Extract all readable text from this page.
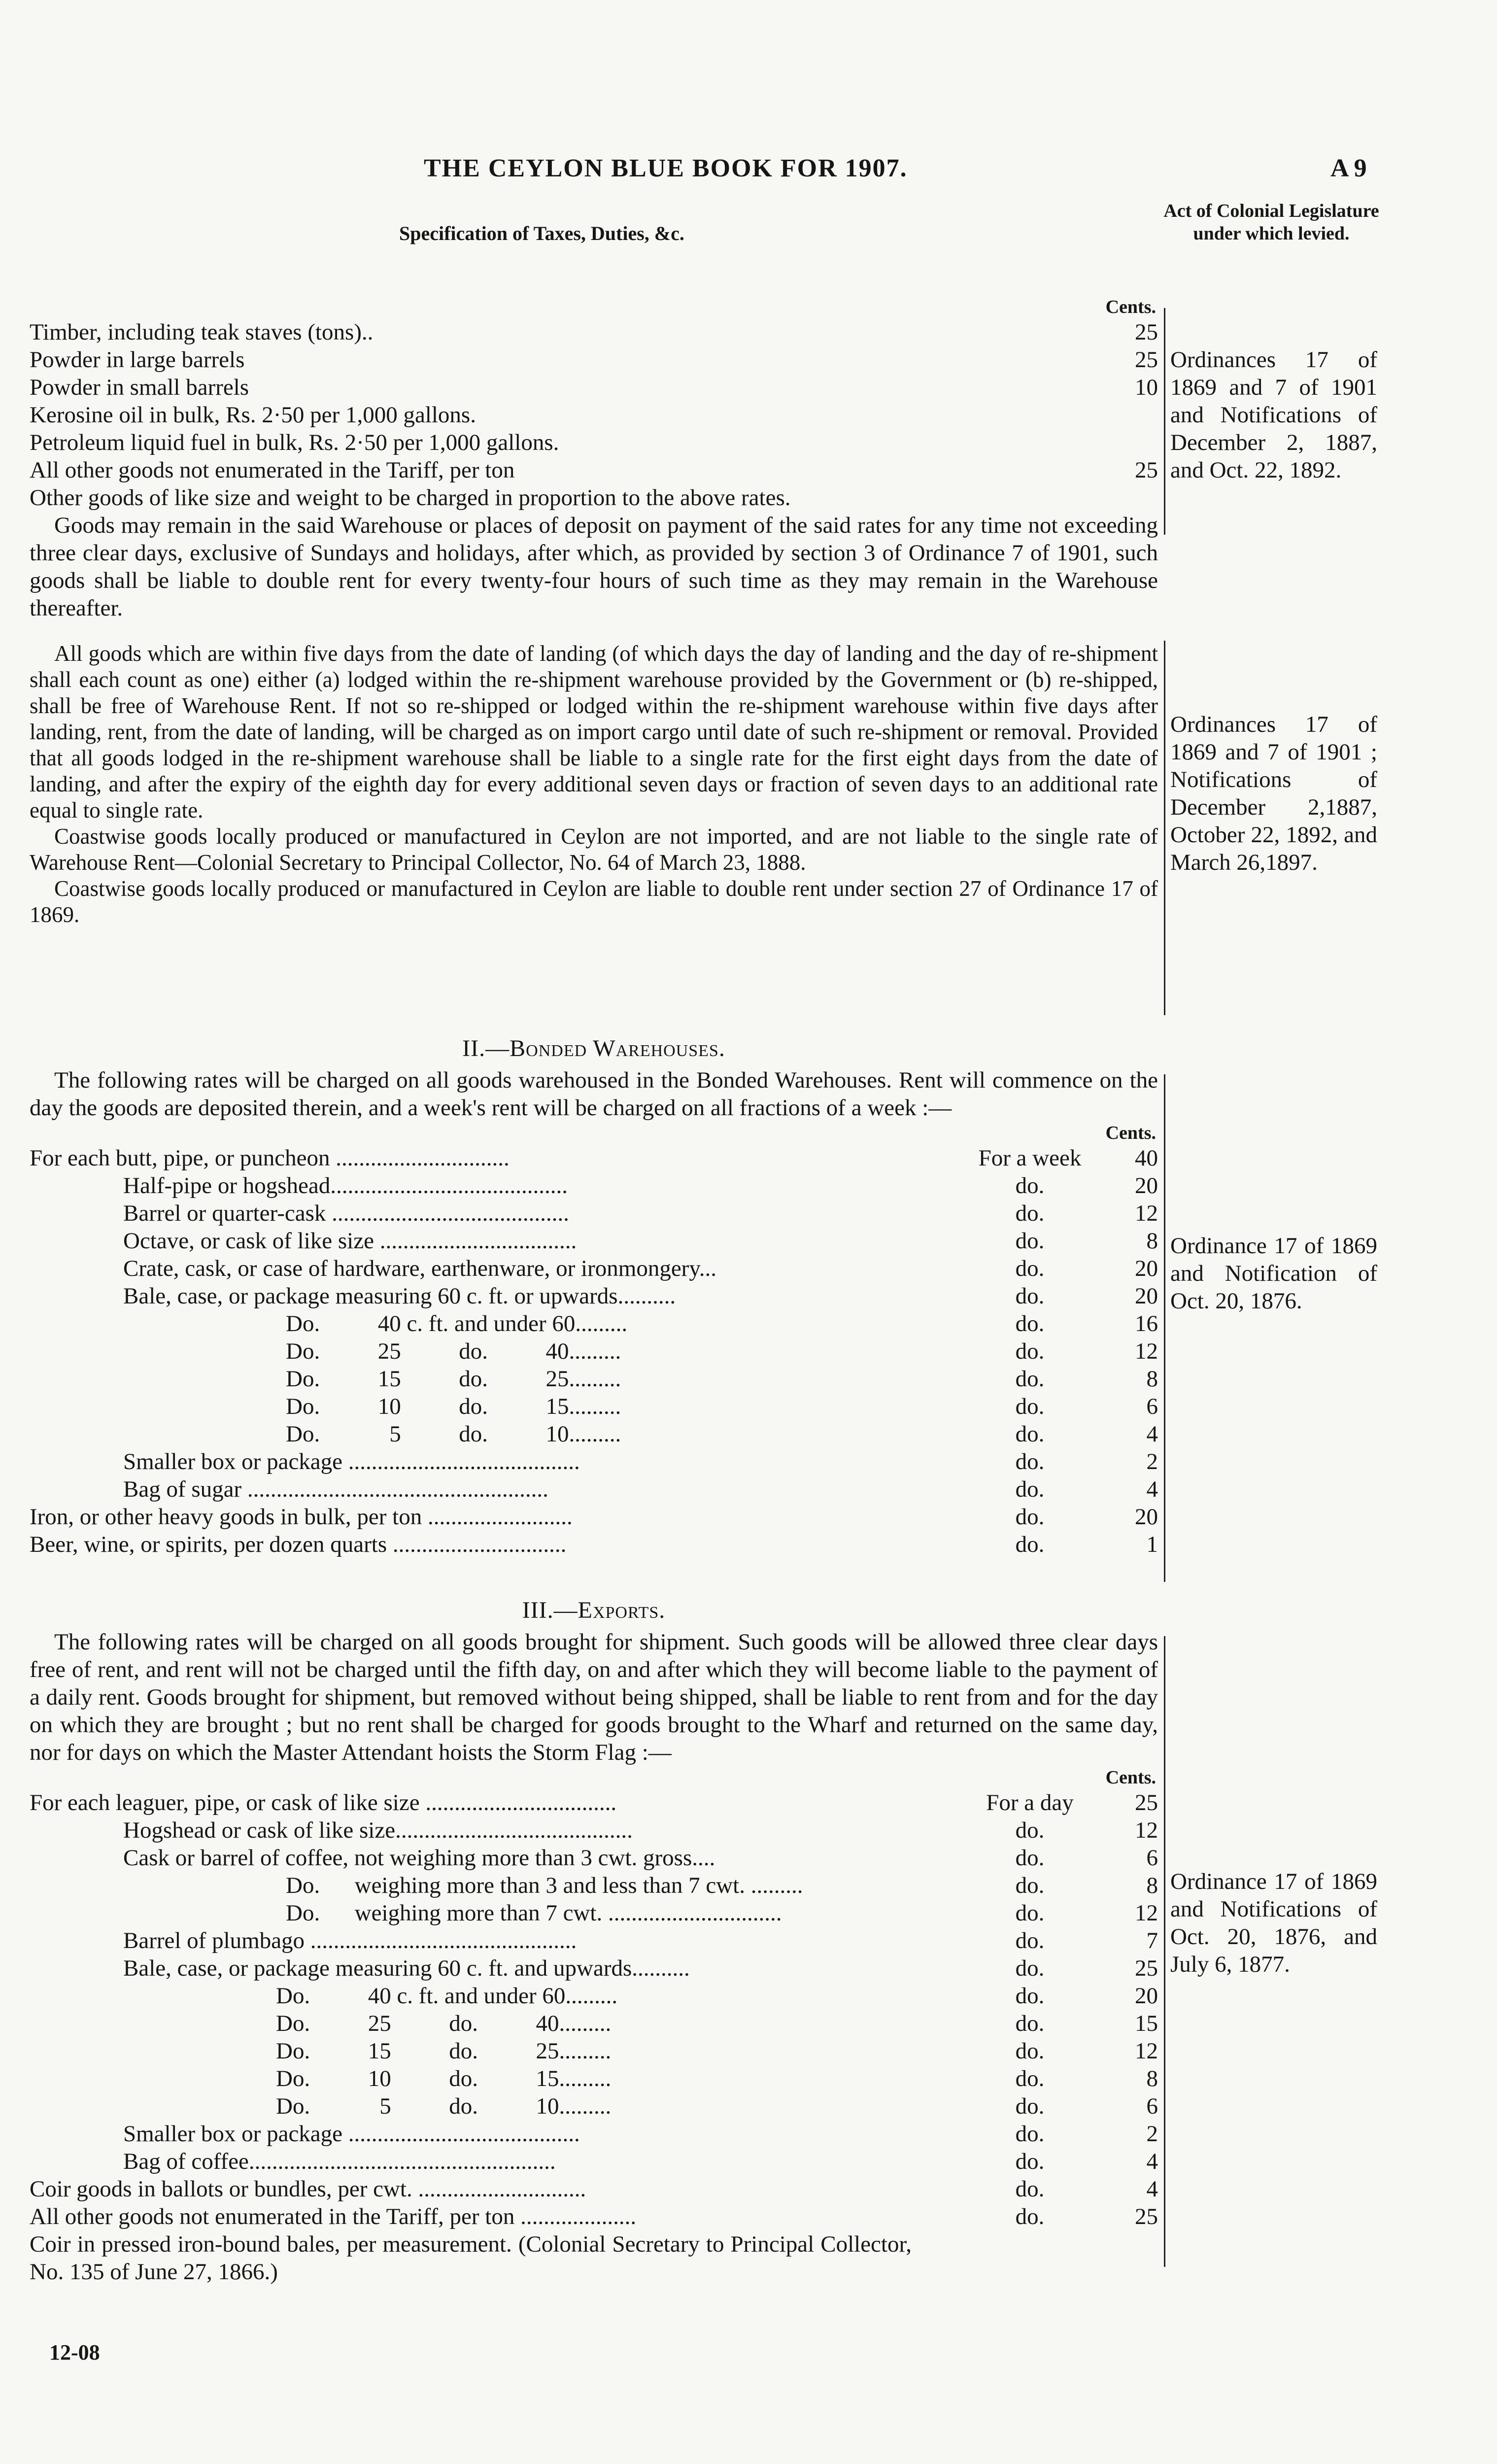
THE CEYLON BLUE BOOK FOR 1907.	A 9
Specification of Taxes, Duties, &c.
Act of Colonial Legislature under which levied.
Cents.
Timber, including teak staves (tons)..	25
Powder in large barrels	25
Powder in small barrels	10
Kerosine oil in bulk, Rs. 2·50 per 1,000 gallons.
Petroleum liquid fuel in bulk, Rs. 2·50 per 1,000 gallons.
All other goods not enumerated in the Tariff, per ton	25

Other goods of like size and weight to be charged in proportion to the above rates.

Goods may remain in the said Warehouse or places of deposit on payment of the said rates for any time not exceeding three clear days, exclusive of Sundays and holidays, after which, as provided by section 3 of Ordinance 7 of 1901, such goods shall be liable to double rent for every twenty-four hours of such time as they may remain in the Warehouse thereafter.

Ordinances 17 of 1869 and 7 of 1901 and Notifications of December 2, 1887, and Oct. 22, 1892.

All goods which are within five days from the date of landing (of which days the day of landing and the day of re-shipment shall each count as one) either (a) lodged within the re-shipment warehouse provided by the Government or (b) re-shipped, shall be free of Warehouse Rent. If not so re-shipped or lodged within the re-shipment warehouse within five days after landing, rent, from the date of landing, will be charged as on import cargo until date of such re-shipment or removal. Provided that all goods lodged in the re-shipment warehouse shall be liable to a single rate for the first eight days from the date of landing, and after the expiry of the eighth day for every additional seven days or fraction of seven days to an additional rate equal to single rate.

Coastwise goods locally produced or manufactured in Ceylon are not imported, and are not liable to the single rate of Warehouse Rent—Colonial Secretary to Principal Collector, No. 64 of March 23, 1888.

Coastwise goods locally produced or manufactured in Ceylon are liable to double rent under section 27 of Ordinance 17 of 1869.

Ordinances 17 of 1869 and 7 of 1901 ; Notifications of December 2,1887, October 22, 1892, and March 26,1897.
II.—Bonded Warehouses.

The following rates will be charged on all goods warehoused in the Bonded Warehouses. Rent will commence on the day the goods are deposited therein, and a week's rent will be charged on all fractions of a week :—

Cents.
For each butt, pipe, or puncheon ..............................	For a week	40
Half-pipe or hogshead.........................................	do.	20
Barrel or quarter-cask .........................................	do.	12
Octave, or cask of like size ..................................	do.	8
Crate, cask, or case of hardware, earthenware, or ironmongery...	do.	20
Bale, case, or package measuring 60 c. ft. or upwards..........	do.	20
Do.          40 c. ft. and under 60.........	do.	16
Do.          25          do.          40.........	do.	12
Do.          15          do.          25.........	do.	8
Do.          10          do.          15.........	do.	6
Do.            5          do.          10.........	do.	4
Smaller box or package ........................................	do.	2
Bag of sugar ....................................................	do.	4
Iron, or other heavy goods in bulk, per ton .........................	do.	20
Beer, wine, or spirits, per dozen quarts ..............................	do.	1
Ordinance 17 of 1869 and Notification of Oct. 20, 1876.
III.—Exports.

The following rates will be charged on all goods brought for shipment. Such goods will be allowed three clear days free of rent, and rent will not be charged until the fifth day, on and after which they will become liable to the payment of a daily rent. Goods brought for shipment, but removed without being shipped, shall be liable to rent from and for the day on which they are brought ; but no rent shall be charged for goods brought to the Wharf and returned on the same day, nor for days on which the Master Attendant hoists the Storm Flag :—

Cents.
For each leaguer, pipe, or cask of like size .................................	For a day	25
Hogshead or cask of like size.........................................	do.	12
Cask or barrel of coffee, not weighing more than 3 cwt. gross....	do.	6
Do.      weighing more than 3 and less than 7 cwt. .........	do.	8
Do.      weighing more than 7 cwt. ..............................	do.	12
Barrel of plumbago ..............................................	do.	7
Bale, case, or package measuring 60 c. ft. and upwards..........	do.	25
Do.          40 c. ft. and under 60.........	do.	20
Do.          25          do.          40.........	do.	15
Do.          15          do.          25.........	do.	12
Do.          10          do.          15.........	do.	8
Do.            5          do.          10.........	do.	6
Smaller box or package ........................................	do.	2
Bag of coffee.....................................................	do.	4
Coir goods in ballots or bundles, per cwt. .............................	do.	4
All other goods not enumerated in the Tariff, per ton ....................	do.	25

Coir in pressed iron-bound bales, per measurement. (Colonial Secretary to Principal Collector, No. 135 of June 27, 1866.)

Ordinance 17 of 1869 and Notifications of Oct. 20, 1876, and July 6, 1877.
12-08
